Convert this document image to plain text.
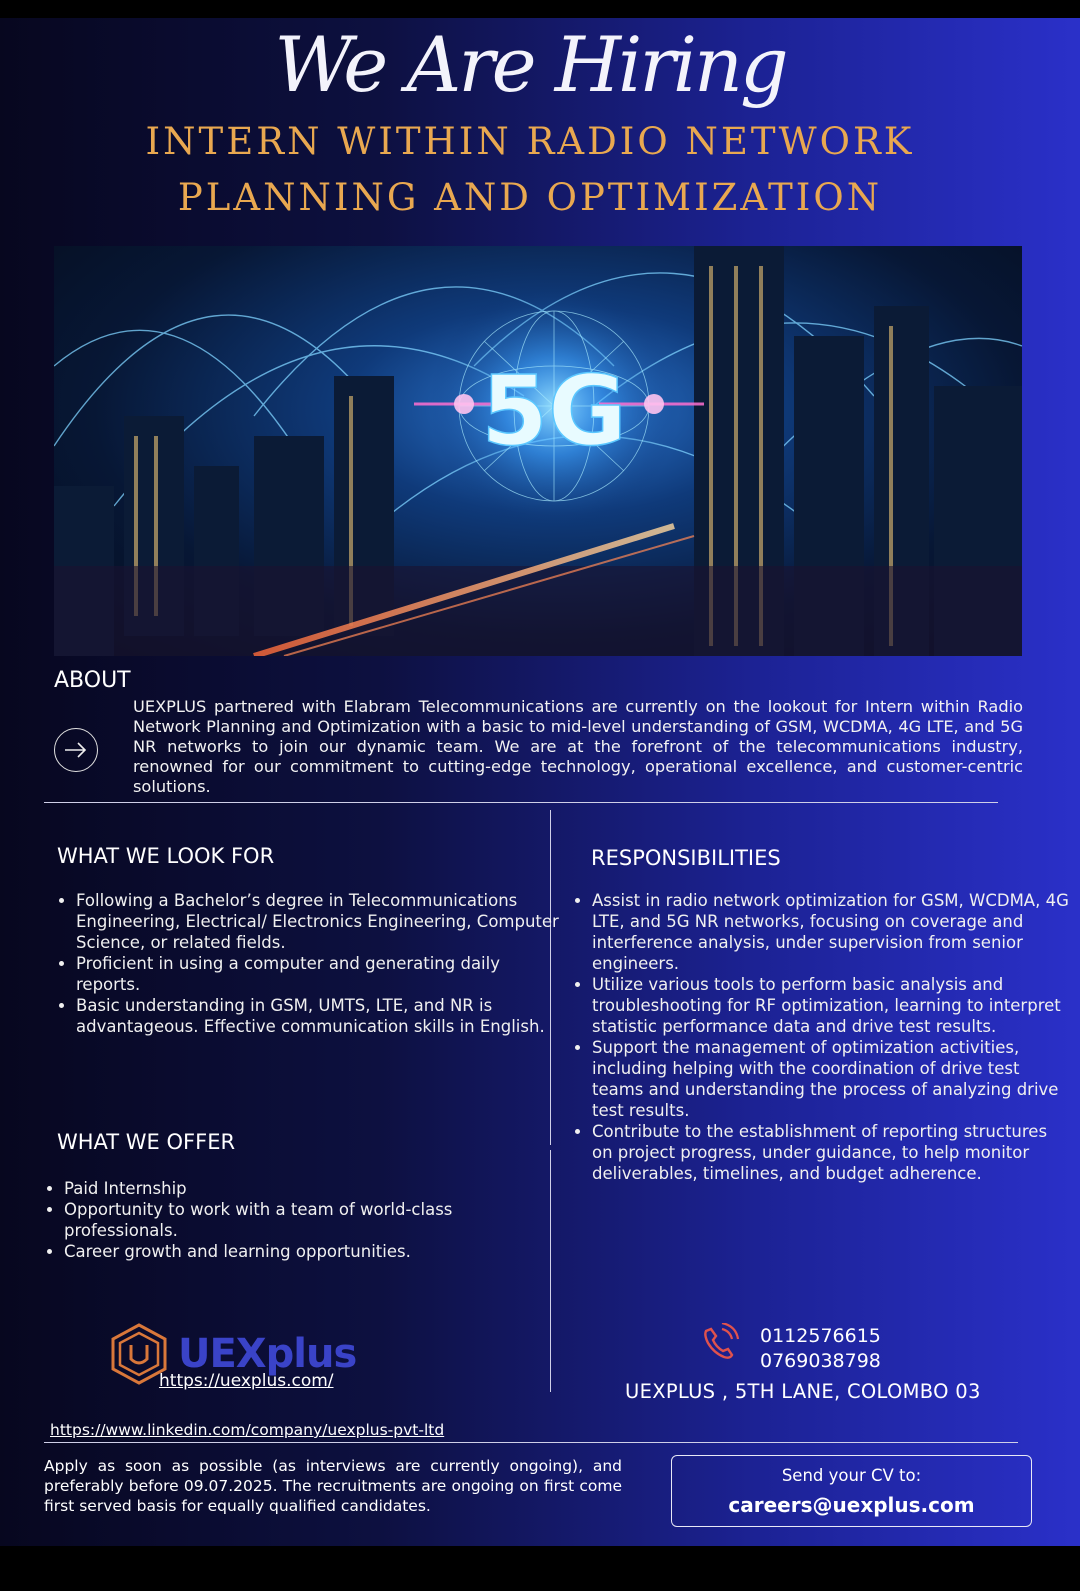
We Are Hiring
INTERN WITHIN RADIO NETWORK
PLANNING AND OPTIMIZATION
5G
ABOUT
UEXPLUS partnered with Elabram Telecommunications are currently on the lookout for Intern within Radio Network Planning and Optimization with a basic to mid-level understanding of GSM, WCDMA, 4G LTE, and 5G NR networks to join our dynamic team. We are at the forefront of the telecommunications industry, renowned for our commitment to cutting-edge technology, operational excellence, and customer-centric solutions.
WHAT WE LOOK FOR
• Following a Bachelor’s degree in Telecommunications Engineering, Electrical/ Electronics Engineering, Computer Science, or related fields.
• Proficient in using a computer and generating daily reports.
• Basic understanding in GSM, UMTS, LTE, and NR is advantageous. Effective communication skills in English.
WHAT WE OFFER
• Paid Internship
• Opportunity to work with a team of world-class professionals.
• Career growth and learning opportunities.
RESPONSIBILITIES
• Assist in radio network optimization for GSM, WCDMA, 4G LTE, and 5G NR networks, focusing on coverage and interference analysis, under supervision from senior engineers.
• Utilize various tools to perform basic analysis and troubleshooting for RF optimization, learning to interpret statistic performance data and drive test results.
• Support the management of optimization activities, including helping with the coordination of drive test teams and understanding the process of analyzing drive test results.
• Contribute to the establishment of reporting structures on project progress, under guidance, to help monitor deliverables, timelines, and budget adherence.
UEXplus
https://uexplus.com/
https://www.linkedin.com/company/uexplus-pvt-ltd
0112576615
0769038798
UEXPLUS , 5TH LANE, COLOMBO 03
Apply as soon as possible (as interviews are currently ongoing), and preferably before 09.07.2025. The recruitments are ongoing on first come first served basis for equally qualified candidates.
Send your CV to:
careers@uexplus.com
